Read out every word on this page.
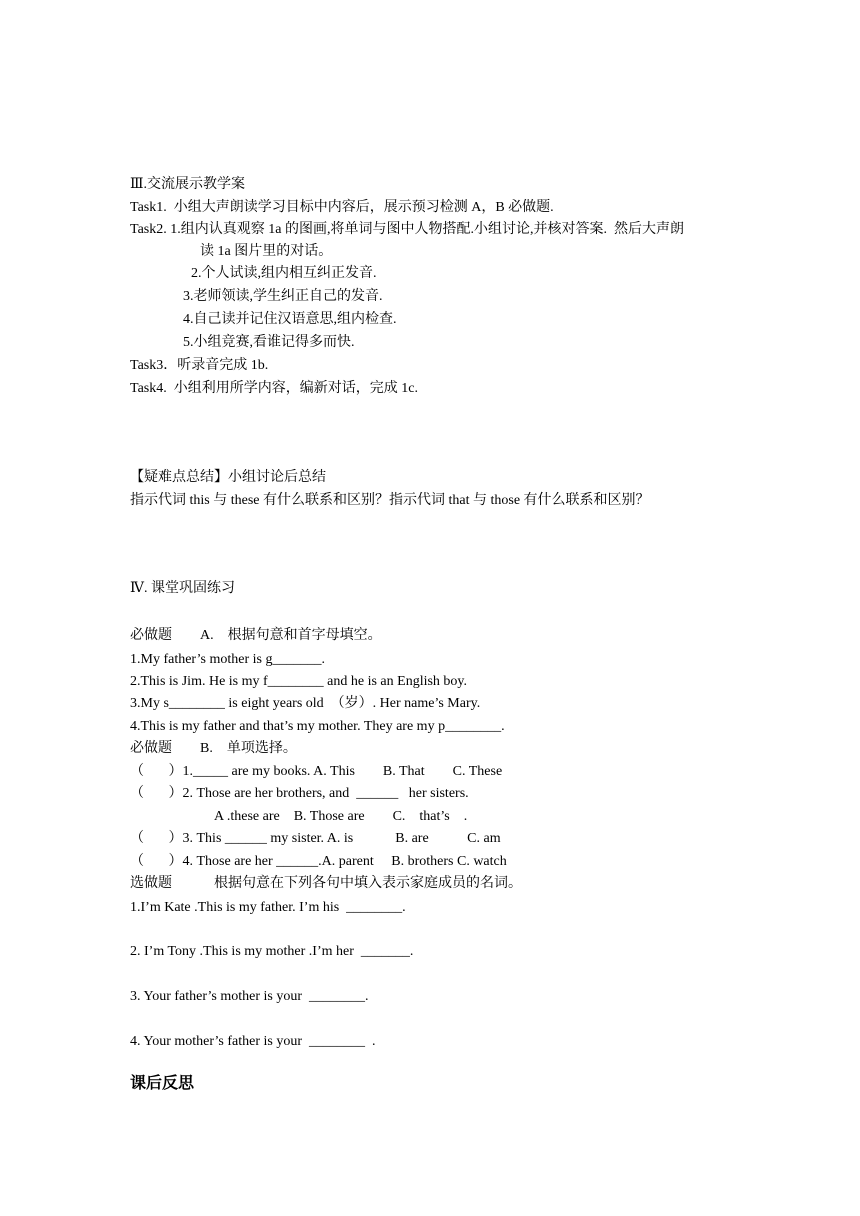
Ⅲ.交流展示教学案
Task1.  小组大声朗读学习目标中内容后，展示预习检测 A，B 必做题.
Task2. 1.组内认真观察 1a 的图画,将单词与图中人物搭配.小组讨论,并核对答案.  然后大声朗
读 1a 图片里的对话。
2.个人试读,组内相互纠正发音.
3.老师领读,学生纠正自己的发音.
4.自己读并记住汉语意思,组内检查.
5.小组竞赛,看谁记得多而快.
Task3．听录音完成 1b.
Task4.  小组利用所学内容，编新对话，完成 1c.
【疑难点总结】小组讨论后总结
指示代词 this 与 these 有什么联系和区别？指示代词 that 与 those 有什么联系和区别？
Ⅳ. 课堂巩固练习
必做题        A.    根据句意和首字母填空。
1.My father’s mother is g_______.
2.This is Jim. He is my f________ and he is an English boy.
3.My s________ is eight years old  （岁）. Her name’s Mary.
4.This is my father and that’s my mother. They are my p________.
必做题        B.    单项选择。
（       ）1._____ are my books. A. This        B. That        C. These
（       ）2. Those are her brothers, and  ______   her sisters.
A .these are    B. Those are        C.    that’s    .
（       ）3. This ______ my sister. A. is            B. are           C. am
（       ）4. Those are her ______.A. parent     B. brothers C. watch
选做题            根据句意在下列各句中填入表示家庭成员的名词。
1.I’m Kate .This is my father. I’m his  ________.
2. I’m Tony .This is my mother .I’m her  _______.
3. Your father’s mother is your  ________.
4. Your mother’s father is your  ________  .
课后反思
